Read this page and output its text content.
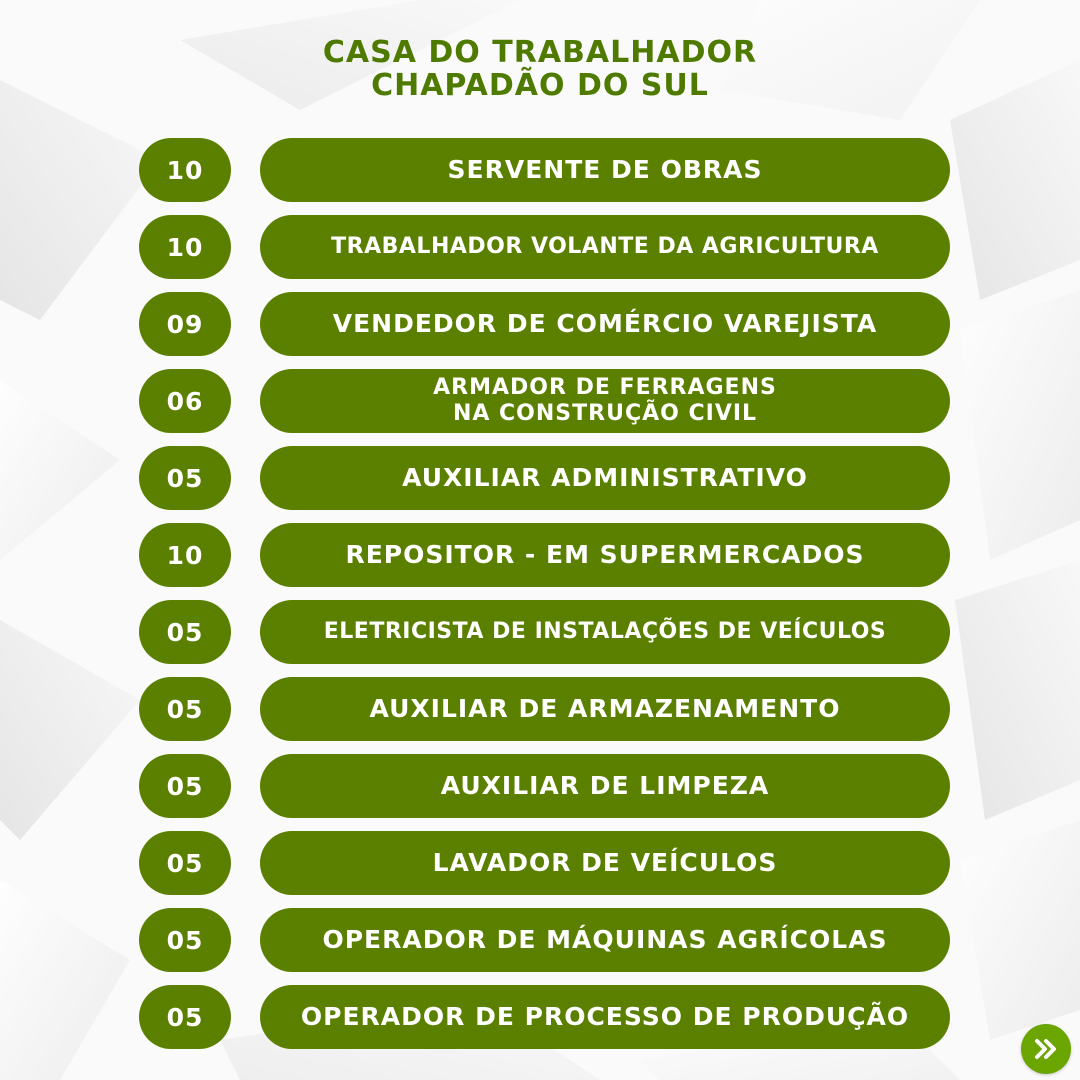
CASA DO TRABALHADOR
CHAPADÃO DO SUL
10	SERVENTE DE OBRAS
10	TRABALHADOR VOLANTE DA AGRICULTURA
09	VENDEDOR DE COMÉRCIO VAREJISTA
06	ARMADOR DE FERRAGENS
NA CONSTRUÇÃO CIVIL
05	AUXILIAR ADMINISTRATIVO
10	REPOSITOR - EM SUPERMERCADOS
05	ELETRICISTA DE INSTALAÇÕES DE VEÍCULOS
05	AUXILIAR DE ARMAZENAMENTO
05	AUXILIAR DE LIMPEZA
05	LAVADOR DE VEÍCULOS
05	OPERADOR DE MÁQUINAS AGRÍCOLAS
05	OPERADOR DE PROCESSO DE PRODUÇÃO
